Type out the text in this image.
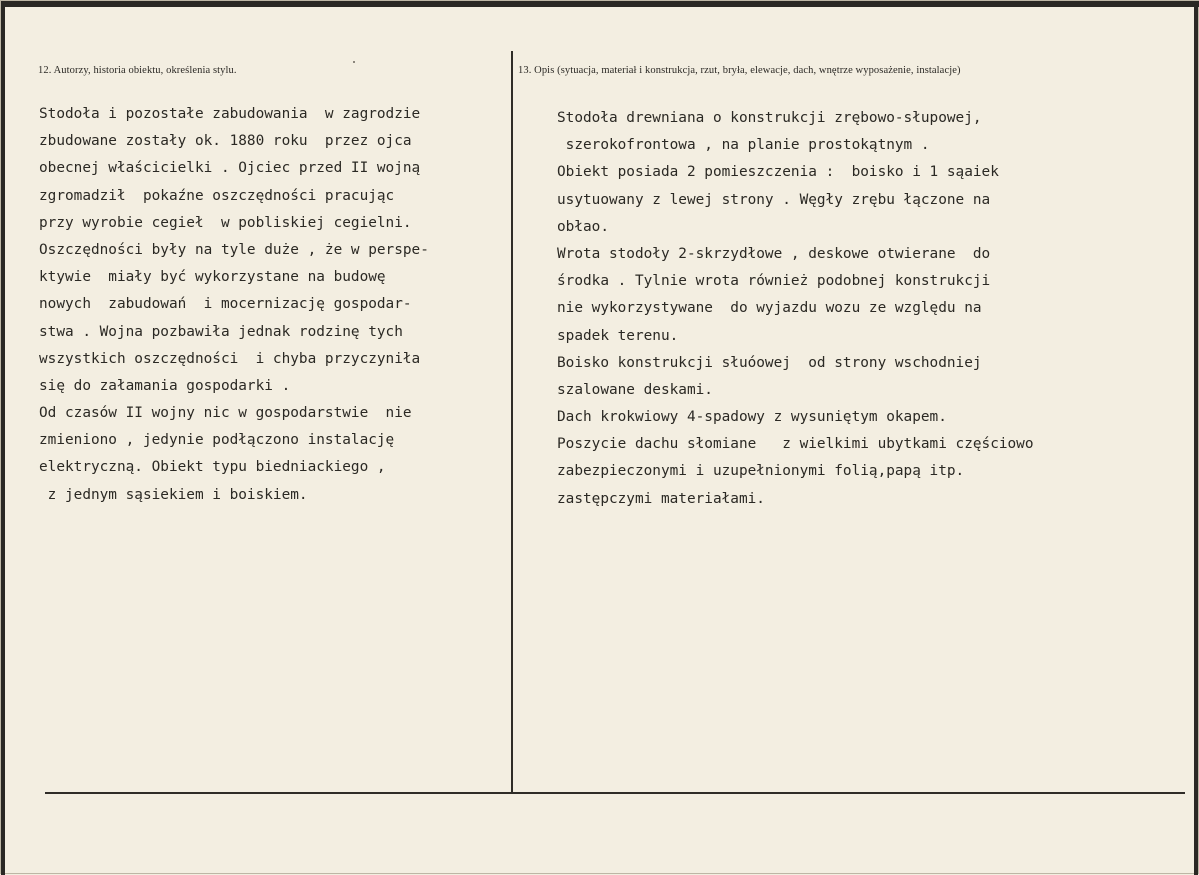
12. Autorzy, historia obiektu, określenia stylu.	13. Opis (sytuacja, materiał i konstrukcja, rzut, bryła, elewacje, dach, wnętrze wyposażenie, instalacje)
Stodoła i pozostałe zabudowania  w zagrodzie
zbudowane zostały ok. 1880 roku  przez ojca
obecnej właścicielki . Ojciec przed II wojną
zgromadził  pokaźne oszczędności pracując
przy wyrobie cegieł  w pobliskiej cegielni.
Oszczędności były na tyle duże , że w perspe-
ktywie  miały być wykorzystane na budowę
nowych  zabudowań  i mocernizację gospodar-
stwa . Wojna pozbawiła jednak rodzinę tych
wszystkich oszczędności  i chyba przyczyniła
się do załamania gospodarki .
Od czasów II wojny nic w gospodarstwie  nie
zmieniono , jedynie podłączono instalację
elektryczną. Obiekt typu biedniackiego ,
z jednym sąsiekiem i boiskiem.
Stodoła drewniana o konstrukcji zrębowo-słupowej,
szerokofrontowa , na planie prostokątnym .
Obiekt posiada 2 pomieszczenia :  boisko i 1 sąaiek
usytuowany z lewej strony . Węgły zrębu łączone na
obłao.
Wrota stodoły 2-skrzydłowe , deskowe otwierane  do
środka . Tylnie wrota również podobnej konstrukcji
nie wykorzystywane  do wyjazdu wozu ze względu na
spadek terenu.
Boisko konstrukcji słuóowej  od strony wschodniej
szalowane deskami.
Dach krokwiowy 4-spadowy z wysuniętym okapem.
Poszycie dachu słomiane   z wielkimi ubytkami częściowo
zabezpieczonymi i uzupełnionymi folią,papą itp.
zastępczymi materiałami.
